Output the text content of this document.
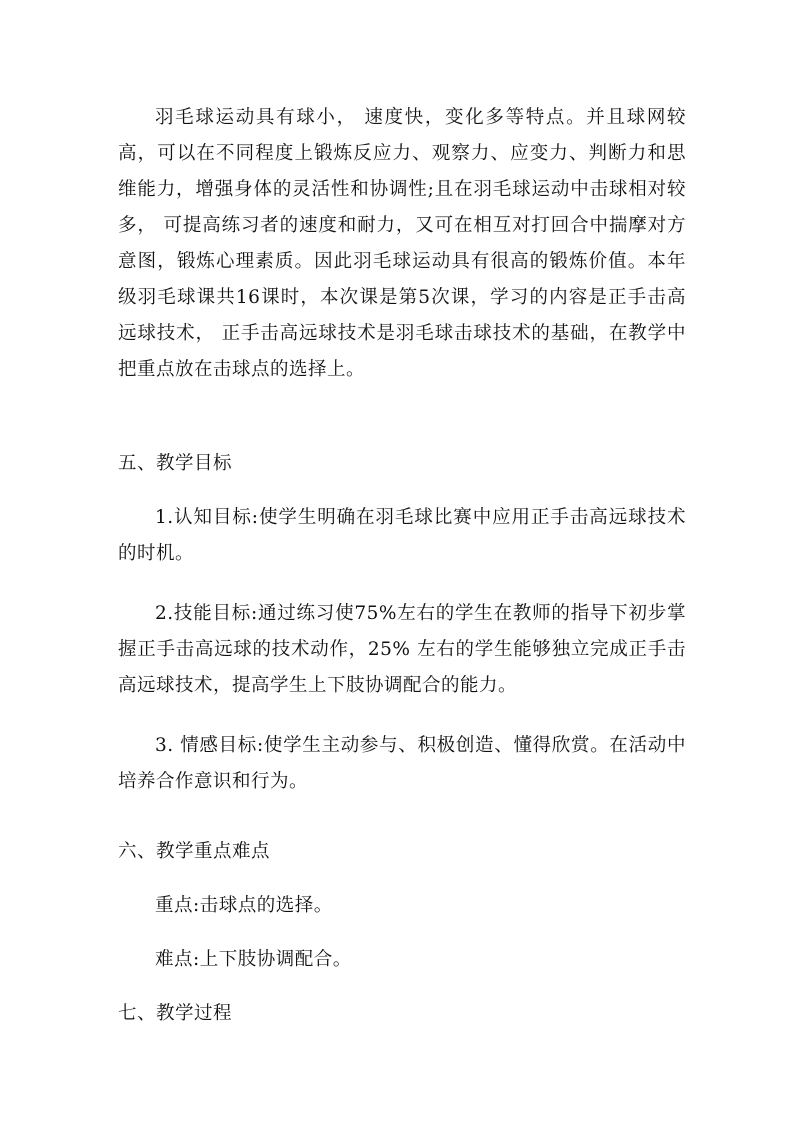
羽毛球运动具有球小， 速度快，变化多等特点。并且球网较高，可以在不同程度上锻炼反应力、观察力、应变力、判断力和思维能力，增强身体的灵活性和协调性;且在羽毛球运动中击球相对较多， 可提高练习者的速度和耐力，又可在相互对打回合中揣摩对方意图，锻炼心理素质。因此羽毛球运动具有很高的锻炼价值。本年级羽毛球课共16课时，本次课是第5次课，学习的内容是正手击高远球技术， 正手击高远球技术是羽毛球击球技术的基础，在教学中把重点放在击球点的选择上。

五、教学目标

1.认知目标:使学生明确在羽毛球比赛中应用正手击高远球技术的时机。

2.技能目标:通过练习使75%左右的学生在教师的指导下初步掌握正手击高远球的技术动作，25% 左右的学生能够独立完成正手击高远球技术，提高学生上下肢协调配合的能力。

3. 情感目标:使学生主动参与、积极创造、懂得欣赏。在活动中培养合作意识和行为。

六、教学重点难点

重点:击球点的选择。

难点:上下肢协调配合。

七、教学过程
